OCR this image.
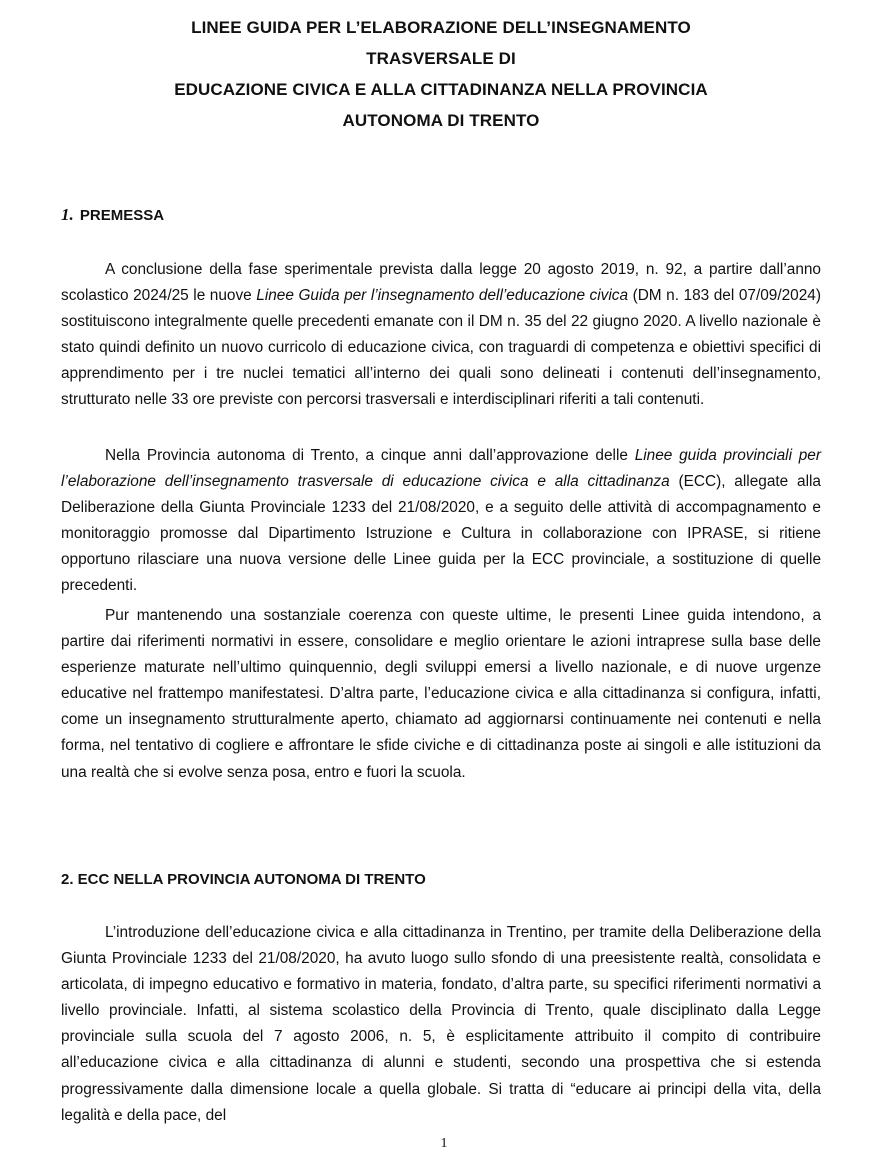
LINEE GUIDA PER L’ELABORAZIONE DELL’INSEGNAMENTO
TRASVERSALE DI
EDUCAZIONE CIVICA E ALLA CITTADINANZA NELLA PROVINCIA
AUTONOMA DI TRENTO
1. PREMESSA

A conclusione della fase sperimentale prevista dalla legge 20 agosto 2019, n. 92, a partire dall’anno scolastico 2024/25 le nuove Linee Guida per l’insegnamento dell’educazione civica (DM n. 183 del 07/09/2024) sostituiscono integralmente quelle precedenti emanate con il DM n. 35 del 22 giugno 2020. A livello nazionale è stato quindi definito un nuovo curricolo di educazione civica, con traguardi di competenza e obiettivi specifici di apprendimento per i tre nuclei tematici all’interno dei quali sono delineati i contenuti dell’insegnamento, strutturato nelle 33 ore previste con percorsi trasversali e interdisciplinari riferiti a tali contenuti.

Nella Provincia autonoma di Trento, a cinque anni dall’approvazione delle Linee guida provinciali per l’elaborazione dell’insegnamento trasversale di educazione civica e alla cittadinanza (ECC), allegate alla Deliberazione della Giunta Provinciale 1233 del 21/08/2020, e a seguito delle attività di accompagnamento e monitoraggio promosse dal Dipartimento Istruzione e Cultura in collaborazione con IPRASE, si ritiene opportuno rilasciare una nuova versione delle Linee guida per la ECC provinciale, a sostituzione di quelle precedenti.

Pur mantenendo una sostanziale coerenza con queste ultime, le presenti Linee guida intendono, a partire dai riferimenti normativi in essere, consolidare e meglio orientare le azioni intraprese sulla base delle esperienze maturate nell’ultimo quinquennio, degli sviluppi emersi a livello nazionale, e di nuove urgenze educative nel frattempo manifestatesi. D’altra parte, l’educazione civica e alla cittadinanza si configura, infatti, come un insegnamento strutturalmente aperto, chiamato ad aggiornarsi continuamente nei contenuti e nella forma, nel tentativo di cogliere e affrontare le sfide civiche e di cittadinanza poste ai singoli e alle istituzioni da una realtà che si evolve senza posa, entro e fuori la scuola.

2. ECC NELLA PROVINCIA AUTONOMA DI TRENTO

L’introduzione dell’educazione civica e alla cittadinanza in Trentino, per tramite della Deliberazione della Giunta Provinciale 1233 del 21/08/2020, ha avuto luogo sullo sfondo di una preesistente realtà, consolidata e articolata, di impegno educativo e formativo in materia, fondato, d’altra parte, su specifici riferimenti normativi a livello provinciale. Infatti, al sistema scolastico della Provincia di Trento, quale disciplinato dalla Legge provinciale sulla scuola del 7 agosto 2006, n. 5, è esplicitamente attribuito il compito di contribuire all’educazione civica e alla cittadinanza di alunni e studenti, secondo una prospettiva che si estenda progressivamente dalla dimensione locale a quella globale. Si tratta di “educare ai principi della vita, della legalità e della pace, del

1
